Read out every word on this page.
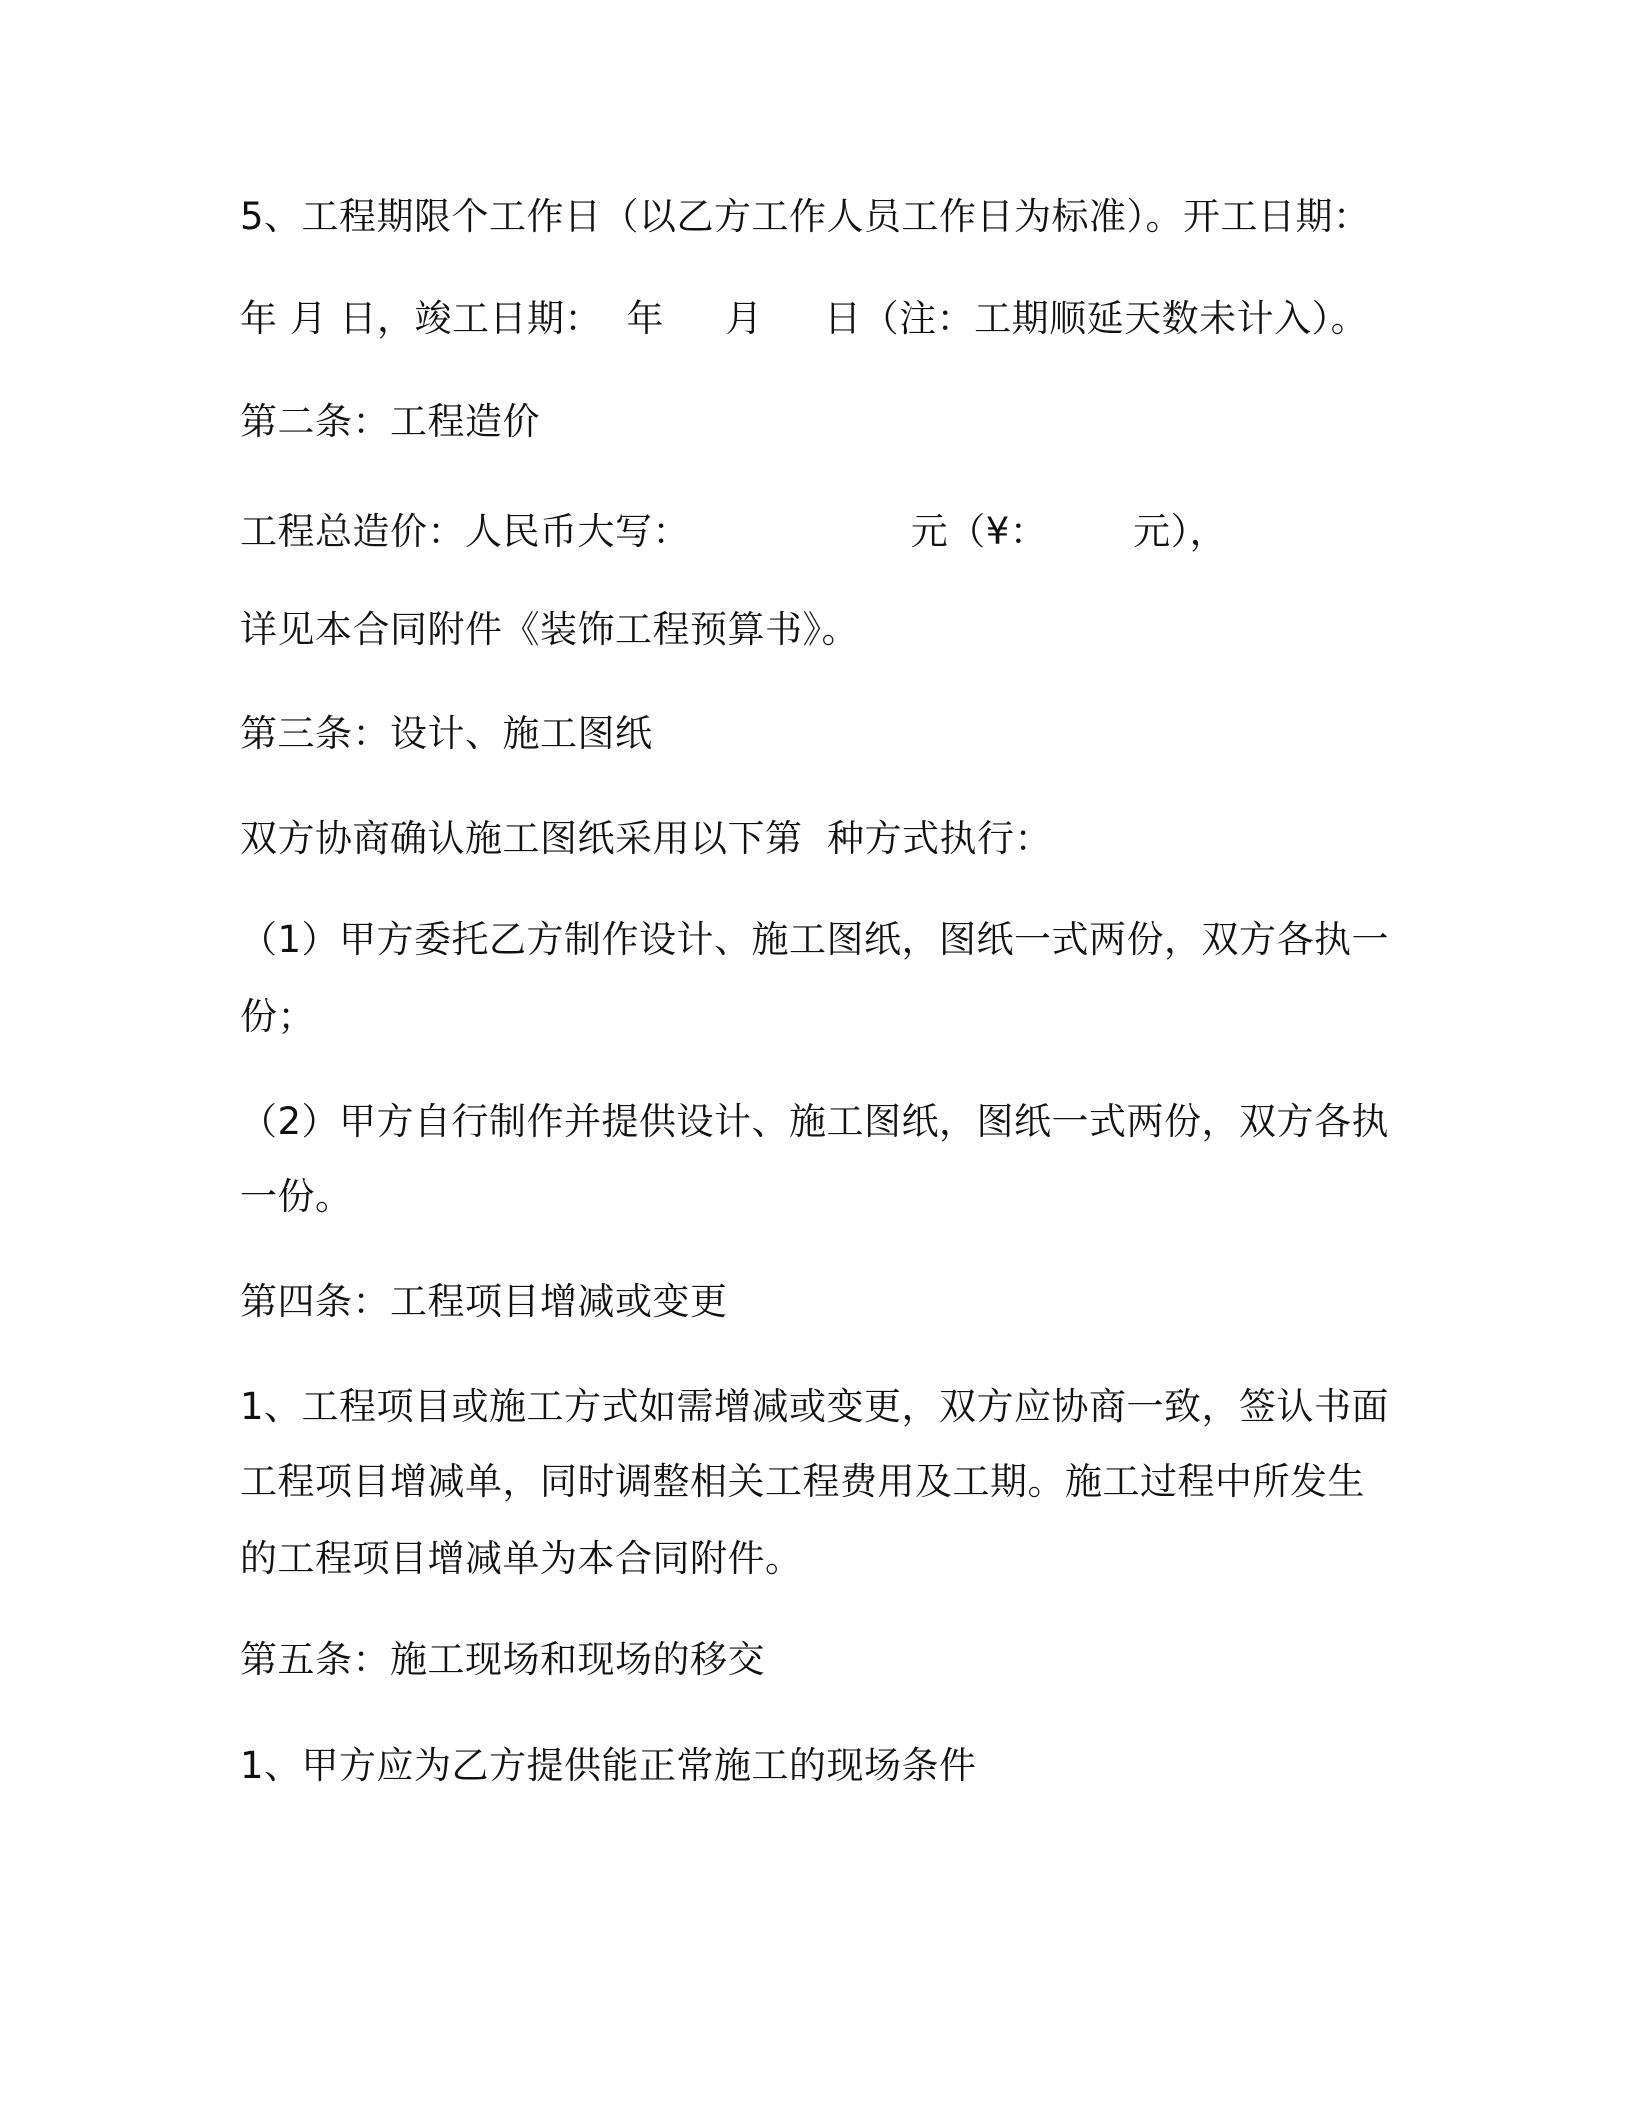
5、工程期限个工作日（以乙方工作人员工作日为标准）。开工日期：
年 月 日，竣工日期：  年     月     日（注：工期顺延天数未计入）。
第二条：工程造价
工程总造价：人民币大写：                  元（¥：       元），
详见本合同附件《装饰工程预算书》。
第三条：设计、施工图纸
双方协商确认施工图纸采用以下第  种方式执行：
（1）甲方委托乙方制作设计、施工图纸，图纸一式两份，双方各执一
份；
（2）甲方自行制作并提供设计、施工图纸，图纸一式两份，双方各执
一份。
第四条：工程项目增减或变更
1、工程项目或施工方式如需增减或变更，双方应协商一致，签认书面
工程项目增减单，同时调整相关工程费用及工期。施工过程中所发生
的工程项目增减单为本合同附件。
第五条：施工现场和现场的移交
1、甲方应为乙方提供能正常施工的现场条件
